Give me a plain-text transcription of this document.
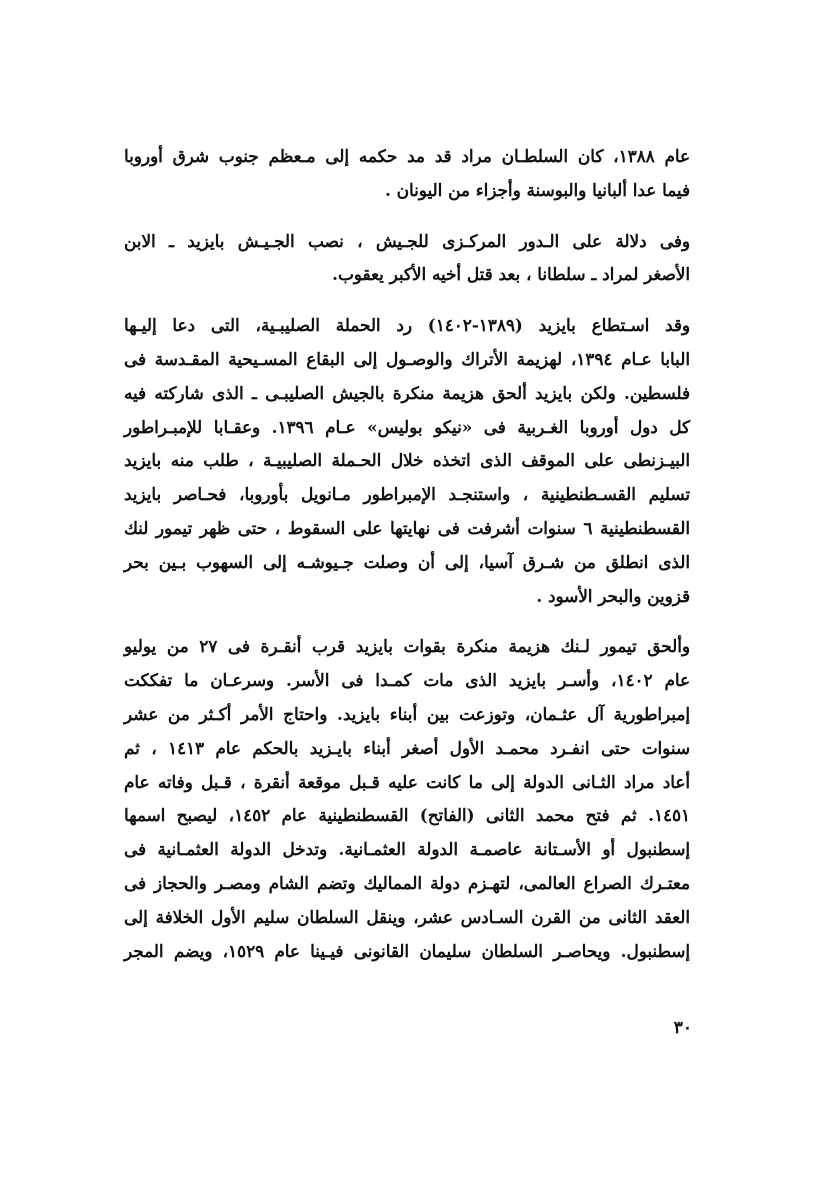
عام ١٣٨٨، كان السلطـان مراد قد مد حكمه إلى مـعظم جنوب شرق أوروبا
فيما عدا ألبانيا والبوسنة وأجزاء من اليونان .

وفى دلالة على الـدور المركـزى للجـيش ، نصب الجـيـش بايزيد ـ الابن
الأصغر لمراد ـ سلطانا ، بعد قتل أخيه الأكبر يعقوب.

وقد اسـتطاع بايزيد (١٣٨٩-١٤٠٢) رد الحملة الصليبـية، التى دعا إليـها
البابا عـام ١٣٩٤، لهزيمة الأتراك والوصـول إلى البقاع المسـيحية المقـدسة فى
فلسطين. ولكن بايزيد ألحق هزيمة منكرة بالجيش الصليبـى ـ الذى شاركته فيه
كل دول أوروبا الغـربية فى «نيكو بوليس» عـام ١٣٩٦. وعقـابا للإمبـراطور
البيـزنطى على الموقف الذى اتخذه خلال الحـملة الصليبيـة ، طلب منه بايزيد
تسليم القسـطنطينية ، واستنجـد الإمبراطور مـانويل بأوروبا، فحـاصر بايزيد
القسطنطينية ٦ سنوات أشرفت فى نهايتها على السقوط ، حتى ظهر تيمور لنك
الذى انطلق من شـرق آسيا، إلى أن وصلت جـيوشـه إلى السهوب بـين بحر
قزوين والبحر الأسود .

وألحق تيمور لـنك هزيمة منكرة بقوات بايزيد قرب أنقـرة فى ٢٧ من يوليو
عام ١٤٠٢، وأسـر بايزيد الذى مات كمـدا فى الأسر. وسرعـان ما تفككت
إمبراطورية آل عثـمان، وتوزعت بين أبناء بايزيد. واحتاج الأمر أكـثر من عشر
سنوات حتى انفـرد محمـد الأول أصغر أبناء بايـزيد بالحكم عام ١٤١٣ ، ثم
أعاد مراد الثـانى الدولة إلى ما كانت عليه قـبل موقعة أنقرة ، قـبل وفاته عام
١٤٥١. ثم فتح محمد الثانى (الفاتح) القسطنطينية عام ١٤٥٢، ليصبح اسمها
إسطنبول أو الأسـتانة عاصمـة الدولة العثمـانية. وتدخل الدولة العثمـانية فى
معتـرك الصراع العالمى، لتهـزم دولة المماليك وتضم الشام ومصـر والحجاز فى
العقد الثانى من القرن السـادس عشر، وينقل السلطان سليم الأول الخلافة إلى
إسطنبول. ويحاصـر السلطان سليمان القانونى فيـينا عام ١٥٢٩، ويضم المجر

٣٠
